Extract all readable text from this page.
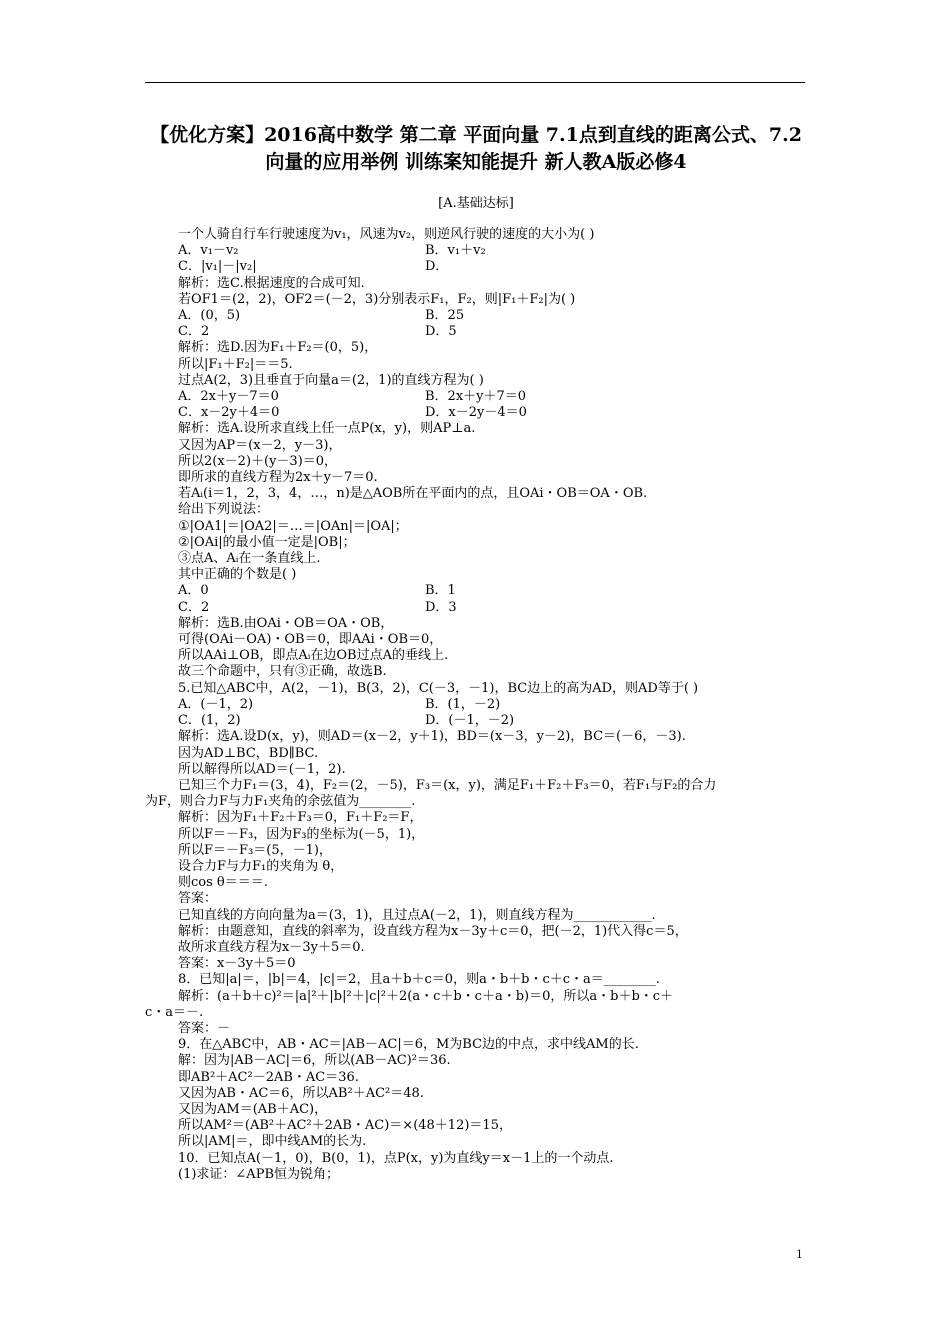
【优化方案】2016高中数学 第二章 平面向量 7.1点到直线的距离公式、7.2向量的应用举例 训练案知能提升 新人教A版必修4
[A.基础达标]
一个人骑自行车行驶速度为v₁，风速为v₂，则逆风行驶的速度的大小为( )
A．v₁－v₂	B．v₁＋v₂
C．|v₁|－|v₂|	D．
解析：选C.根据速度的合成可知.
若OF1＝(2，2)，OF2＝(－2，3)分别表示F₁，F₂，则|F₁＋F₂|为( )
A．(0，5)	B．25
C．2	D．5
解析：选D.因为F₁＋F₂＝(0，5)，
所以|F₁＋F₂|＝＝5.
过点A(2，3)且垂直于向量a＝(2，1)的直线方程为( )
A．2x＋y－7＝0	B．2x＋y＋7＝0
C．x－2y＋4＝0	D．x－2y－4＝0
解析：选A.设所求直线上任一点P(x，y)，则AP⊥a.
又因为AP＝(x－2，y－3)，
所以2(x－2)＋(y－3)＝0，
即所求的直线方程为2x＋y－7＝0.
若Aᵢ(i＝1，2，3，4，…，n)是△AOB所在平面内的点，且OAi・OB＝OA・OB.
给出下列说法：
①|OA1|＝|OA2|＝…＝|OAn|＝|OA|；
②|OAi|的最小值一定是|OB|；
③点A、Aᵢ在一条直线上.
其中正确的个数是( )
A．0	B．1
C．2	D．3
解析：选B.由OAi・OB＝OA・OB，
可得(OAi－OA)・OB＝0，即AAi・OB＝0，
所以AAi⊥OB，即点Aᵢ在边OB过点A的垂线上.
故三个命题中，只有③正确，故选B.
5.已知△ABC中，A(2，－1)，B(3，2)，C(－3，－1)，BC边上的高为AD，则AD等于( )
A．(－1，2)	B．(1，－2)
C．(1，2)	D．(－1，－2)
解析：选A.设D(x，y)，则AD＝(x－2，y＋1)，BD＝(x－3，y－2)，BC＝(－6，－3).
因为AD⊥BC，BD∥BC.
所以解得所以AD＝(－1，2).
已知三个力F₁＝(3，4)，F₂＝(2，－5)，F₃＝(x，y)，满足F₁＋F₂＋F₃＝0，若F₁与F₂的合力
为F，则合力F与力F₁夹角的余弦值为________.
解析：因为F₁＋F₂＋F₃＝0，F₁＋F₂＝F，
所以F＝－F₃，因为F₃的坐标为(－5，1)，
所以F＝－F₃＝(5，－1)，
设合力F与力F₁的夹角为 θ，
则cos θ＝＝＝.
答案：
已知直线的方向向量为a＝(3，1)，且过点A(－2，1)，则直线方程为____________.
解析：由题意知，直线的斜率为，设直线方程为x－3y＋c＝0，把(－2，1)代入得c＝5，
故所求直线方程为x－3y＋5＝0.
答案：x－3y＋5＝0
8．已知|a|＝，|b|＝4，|c|＝2，且a＋b＋c＝0，则a・b＋b・c＋c・a＝________.
解析：(a＋b＋c)²＝|a|²＋|b|²＋|c|²＋2(a・c＋b・c＋a・b)＝0，所以a・b＋b・c＋
c・a＝－.
答案：－
9．在△ABC中，AB・AC＝|AB－AC|＝6，M为BC边的中点，求中线AM的长.
解：因为|AB－AC|＝6，所以(AB－AC)²＝36.
即AB²＋AC²－2AB・AC＝36.
又因为AB・AC＝6，所以AB²＋AC²＝48.
又因为AM＝(AB＋AC)，
所以AM²＝(AB²＋AC²＋2AB・AC)＝×(48＋12)＝15，
所以|AM|＝，即中线AM的长为.
10．已知点A(－1，0)，B(0，1)，点P(x，y)为直线y＝x－1上的一个动点.
(1)求证：∠APB恒为锐角；
1
